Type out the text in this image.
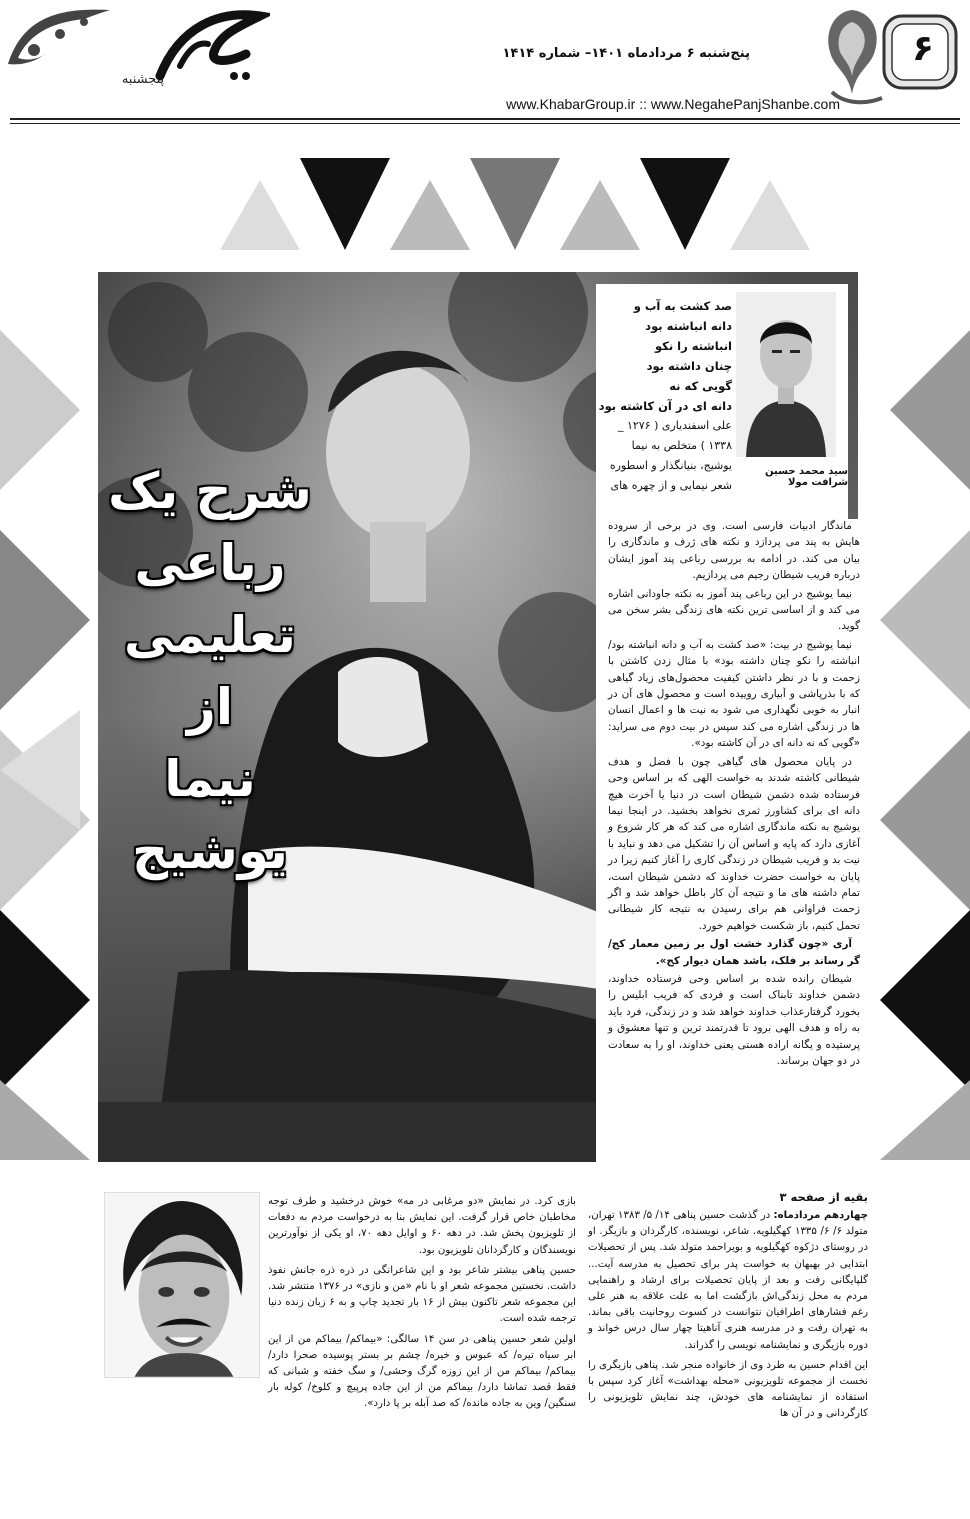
پنجشنبه
پنج‌شنبه ۶ مرداد‌ماه ۱۴۰۱– شماره ۱۴۱۴
www.KhabarGroup.ir :: www.NegahePanjShanbe.com
۶
شرح یک
رباعی
تعلیمی از
نیما یوشیج
صد کشت به آب و
دانه انباشته بود
انباشته را نکو
چنان داشته بود
گویی که نه
دانه ای در آن کاشته بود
علی اسفندیاری ( ۱۲۷۶ _ ۱۳۳۸ ) متخلص به نیما یوشیج، بنیانگذار و اسطوره شعر نیمایی و از چهره های
سید محمد حسین شرافت مولا

ماندگار ادبیات فارسی است. وی در برخی از سروده هایش به پند می پردازد و نکته های ژرف و ماندگاری را بیان می کند. در ادامه به بررسی رباعی پند آموز ایشان درباره فریب شیطان رجیم می پردازیم.

نیما یوشیج در این رباعی پند آموز به نکته جاودانی اشاره می کند و از اساسی ترین نکته های زندگی بشر سخن می گوید.

نیما یوشیج در بیت: «صد کشت به آب و دانه انباشته بود/ انباشته را نکو چنان داشته بود» با مثال زدن کاشتن با زحمت و با در نظر داشتن کیفیت محصول‌های زیاد گیاهی که با بذرپاشی و آبیاری روییده است و محصول های آن در انبار به خوبی نگهداری می شود به نیت ها و اعمال انسان ها در زندگی اشاره می کند سپس در بیت دوم می سراید: «گویی که نه دانه ای در آن کاشته بود».

در پایان محصول های گیاهی چون با فضل و هدف شیطانی کاشته شدند به خواست الهی که بر اساس وحی فرستاده شده دشمن شیطان است در دنیا یا آخرت هیچ دانه ای برای کشاورز ثمری نخواهد بخشید. در اینجا نیما یوشیج به نکته ماندگاری اشاره می کند که هر کار شروع و آغازی دارد که پایه و اساس آن را تشکیل می دهد و نباید با نیت بد و فریب شیطان در زندگی کاری را آغاز کنیم زیرا در پایان به خواست حضرت خداوند که دشمن شیطان است، تمام داشته های ما و نتیجه آن کار باطل خواهد شد و اگر زحمت فراوانی هم برای رسیدن به نتیجه کار شیطانی تحمل کنیم، باز شکست خواهیم خورد.

آری «چون گذارد خشت اول بر زمین معمار کج/ گر رساند بر فلک، باشد همان دیوار کج».

شیطان رانده شده بر اساس وحی فرستاده خداوند، دشمن خداوند تابناک است و فردی که فریب ابلیس را بخورد گرفتارعذاب خداوند خواهد شد و در زندگی، فرد باید به راه و هدف الهی برود تا قدرتمند ترین و تنها معشوق و پرستیده و یگانه اراده هستی یعنی خداوند، او را به سعادت در دو جهان برساند.

بقیه از صفحه ۳

چهاردهم مردادماه: در گذشت حسین پناهی ۱۴/ ۵/ ۱۳۸۳ تهران، متولد ۶/ ۶/ ۱۳۳۵ کهگیلویه. شاعر، نویسنده، کارگردان و بازیگر. او در روستای دژکوه کهگیلویه و بویراحمد متولد شد. پس از تحصیلات ابتدایی در بهبهان به خواست پدر برای تحصیل به مدرسه آیت‌... گلپایگانی رفت و بعد از پایان تحصیلات برای ارشاد و راهنمایی مردم به محل زندگی‌اش بازگشت اما به علت علاقه به هنر علی رغم فشارهای اطرافیان نتوانست در کسوت روحانیت باقی بماند. به تهران رفت و در مدرسه هنری آناهیتا چهار سال درس خواند و دوره بازیگری و نمایشنامه نویسی را گذراند.

این اقدام حسین به طرد وی از خانواده منجر شد. پناهی بازیگری را نخست از مجموعه تلویزیونی «محله بهداشت» آغاز کرد سپس با استفاده از نمایشنامه های خودش، چند نمایش تلویزیونی را کارگردانی و در آن ها

بازی کرد. در نمایش «دو مرغابی در مه» خوش درخشید و طرف توجه مخاطبان خاص قرار گرفت. این نمایش بنا به درخواست مردم به دفعات از تلویزیون پخش شد. در دهه ۶۰ و اوایل دهه ۷۰، او یکی از نوآورترین نویسندگان و کارگردانان تلویزیون بود.

حسین پناهی بیشتر شاعر بود و این شاعرانگی در ذره ذره جانش نفوذ داشت. نخستین مجموعه شعر او با نام «من و نازی» در ۱۳۷۶ منتشر شد. این مجموعه شعر تاکنون بیش از ۱۶ بار تجدید چاپ و به ۶ زبان زنده دنیا ترجمه شده است.

اولین شعر حسین پناهی در سن ۱۴ سالگی: «بیماکم/ بیماکم من از این ابر سیاه تیره/ که عبوس و خیره/ چشم بر بستر پوسیده صحرا دارد/ بیماکم/ بیماکم من از این زوزه گرگ وحشی/ و سگ خفته و شبانی که فقط قصد تماشا دارد/ بیماکم من از این جاده پرپیچ و کلوخ/ کوله بار سنگین/ وین به جاده مانده/ که صد آبله بر پا دارد».
